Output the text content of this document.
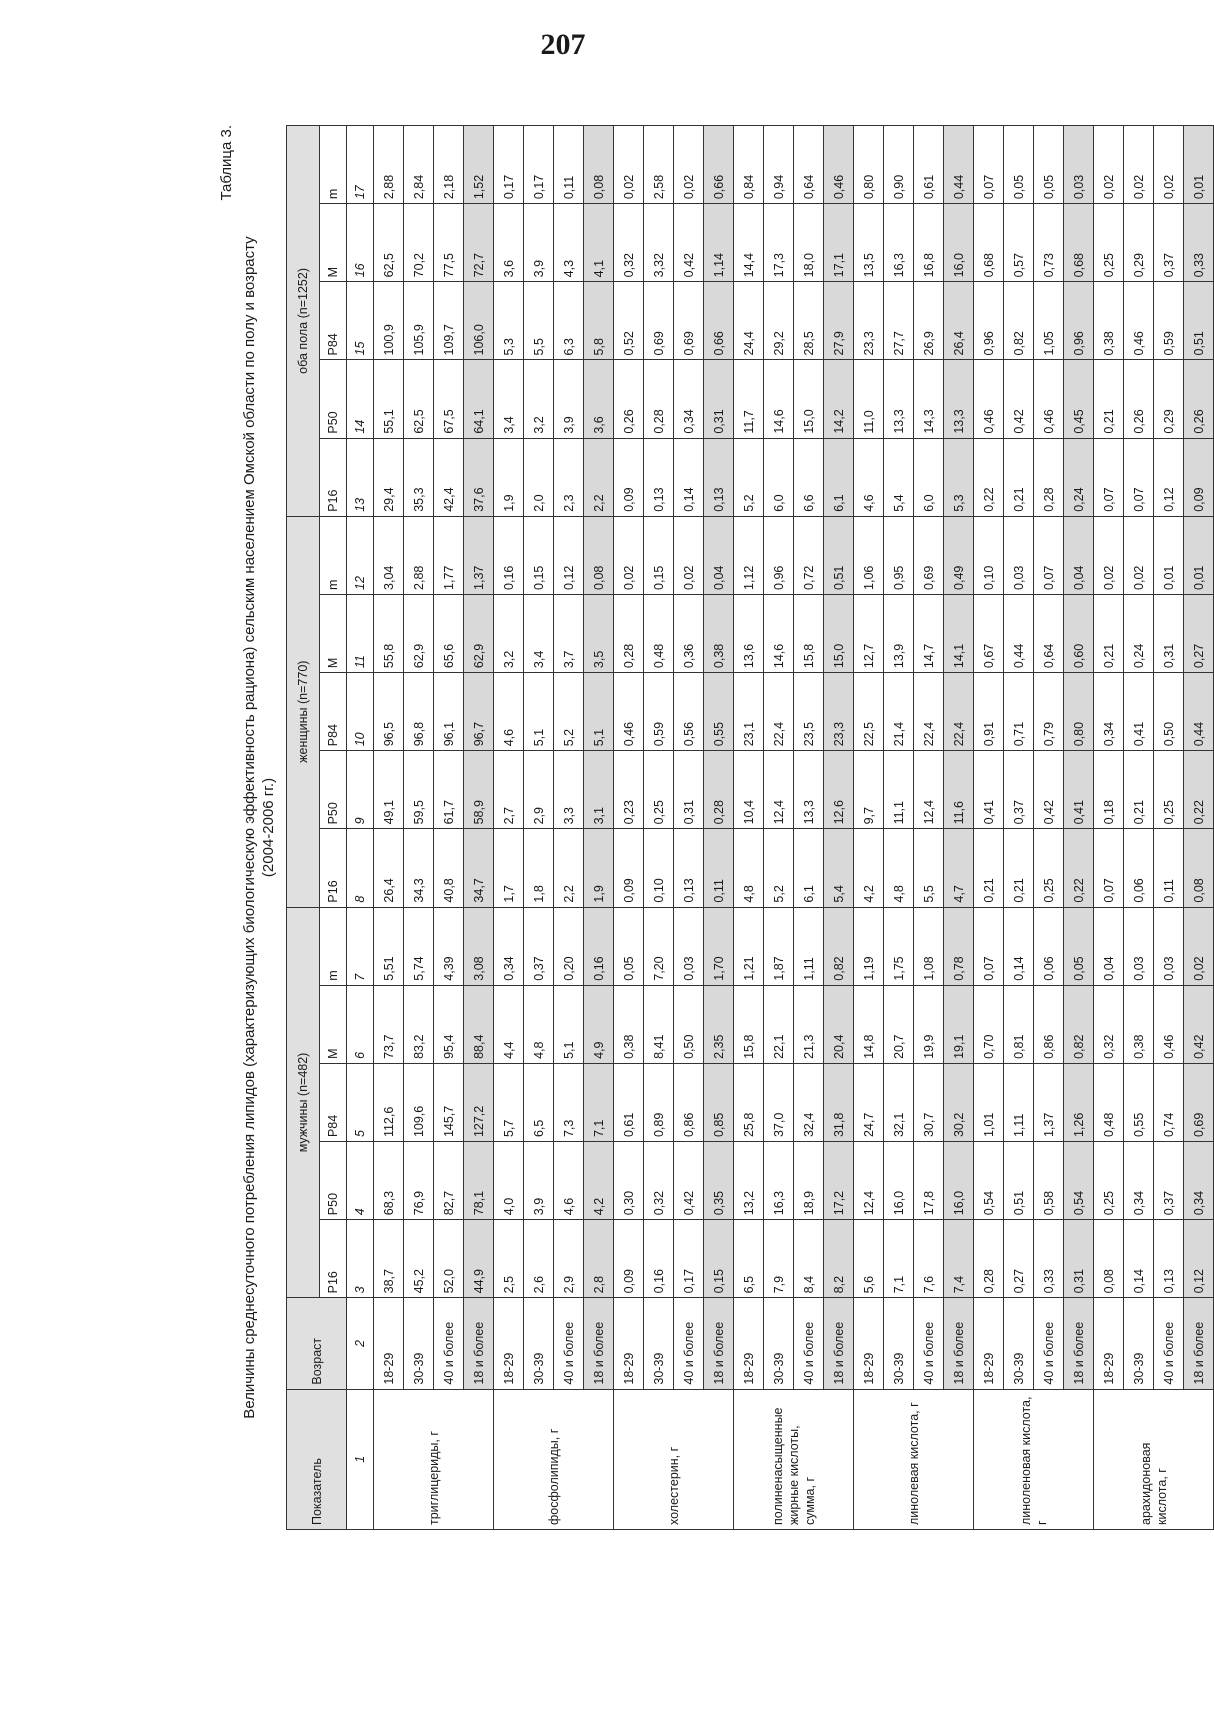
207
Таблица 3.
Величины среднесуточного потребления липидов (характеризующих биологическую эффективность рациона) сельским населением Омской области по полу и возрасту (2004-2006 гг.)
Показатель	Возраст	мужчины (n=482)					женщины (n=770)					оба пола (n=1252)				
		P16	P50	P84	M	m	P16	P50	P84	M	m	P16	P50	P84	M	m
1	2	3	4	5	6	7	8	9	10	11	12	13	14	15	16	17
триглицериды, г	18-29	38,7	68,3	112,6	73,7	5,51	26,4	49,1	96,5	55,8	3,04	29,4	55,1	100,9	62,5	2,88
	30-39	45,2	76,9	109,6	83,2	5,74	34,3	59,5	96,8	62,9	2,88	35,3	62,5	105,9	70,2	2,84
	40 и более	52,0	82,7	145,7	95,4	4,39	40,8	61,7	96,1	65,6	1,77	42,4	67,5	109,7	77,5	2,18
	18 и более	44,9	78,1	127,2	88,4	3,08	34,7	58,9	96,7	62,9	1,37	37,6	64,1	106,0	72,7	1,52
фосфолипиды, г	18-29	2,5	4,0	5,7	4,4	0,34	1,7	2,7	4,6	3,2	0,16	1,9	3,4	5,3	3,6	0,17
	30-39	2,6	3,9	6,5	4,8	0,37	1,8	2,9	5,1	3,4	0,15	2,0	3,2	5,5	3,9	0,17
	40 и более	2,9	4,6	7,3	5,1	0,20	2,2	3,3	5,2	3,7	0,12	2,3	3,9	6,3	4,3	0,11
	18 и более	2,8	4,2	7,1	4,9	0,16	1,9	3,1	5,1	3,5	0,08	2,2	3,6	5,8	4,1	0,08
холестерин, г	18-29	0,09	0,30	0,61	0,38	0,05	0,09	0,23	0,46	0,28	0,02	0,09	0,26	0,52	0,32	0,02
	30-39	0,16	0,32	0,89	8,41	7,20	0,10	0,25	0,59	0,48	0,15	0,13	0,28	0,69	3,32	2,58
	40 и более	0,17	0,42	0,86	0,50	0,03	0,13	0,31	0,56	0,36	0,02	0,14	0,34	0,69	0,42	0,02
	18 и более	0,15	0,35	0,85	2,35	1,70	0,11	0,28	0,55	0,38	0,04	0,13	0,31	0,66	1,14	0,66
полиненасыщенные жирные кислоты, сумма, г	18-29	6,5	13,2	25,8	15,8	1,21	4,8	10,4	23,1	13,6	1,12	5,2	11,7	24,4	14,4	0,84
	30-39	7,9	16,3	37,0	22,1	1,87	5,2	12,4	22,4	14,6	0,96	6,0	14,6	29,2	17,3	0,94
	40 и более	8,4	18,9	32,4	21,3	1,11	6,1	13,3	23,5	15,8	0,72	6,6	15,0	28,5	18,0	0,64
	18 и более	8,2	17,2	31,8	20,4	0,82	5,4	12,6	23,3	15,0	0,51	6,1	14,2	27,9	17,1	0,46
линолевая кислота, г	18-29	5,6	12,4	24,7	14,8	1,19	4,2	9,7	22,5	12,7	1,06	4,6	11,0	23,3	13,5	0,80
	30-39	7,1	16,0	32,1	20,7	1,75	4,8	11,1	21,4	13,9	0,95	5,4	13,3	27,7	16,3	0,90
	40 и более	7,6	17,8	30,7	19,9	1,08	5,5	12,4	22,4	14,7	0,69	6,0	14,3	26,9	16,8	0,61
	18 и более	7,4	16,0	30,2	19,1	0,78	4,7	11,6	22,4	14,1	0,49	5,3	13,3	26,4	16,0	0,44
линоленовая кислота, г	18-29	0,28	0,54	1,01	0,70	0,07	0,21	0,41	0,91	0,67	0,10	0,22	0,46	0,96	0,68	0,07
	30-39	0,27	0,51	1,11	0,81	0,14	0,21	0,37	0,71	0,44	0,03	0,21	0,42	0,82	0,57	0,05
	40 и более	0,33	0,58	1,37	0,86	0,06	0,25	0,42	0,79	0,64	0,07	0,28	0,46	1,05	0,73	0,05
	18 и более	0,31	0,54	1,26	0,82	0,05	0,22	0,41	0,80	0,60	0,04	0,24	0,45	0,96	0,68	0,03
арахидоновая кислота, г	18-29	0,08	0,25	0,48	0,32	0,04	0,07	0,18	0,34	0,21	0,02	0,07	0,21	0,38	0,25	0,02
	30-39	0,14	0,34	0,55	0,38	0,03	0,06	0,21	0,41	0,24	0,02	0,07	0,26	0,46	0,29	0,02
	40 и более	0,13	0,37	0,74	0,46	0,03	0,11	0,25	0,50	0,31	0,01	0,12	0,29	0,59	0,37	0,02
	18 и более	0,12	0,34	0,69	0,42	0,02	0,08	0,22	0,44	0,27	0,01	0,09	0,26	0,51	0,33	0,01
